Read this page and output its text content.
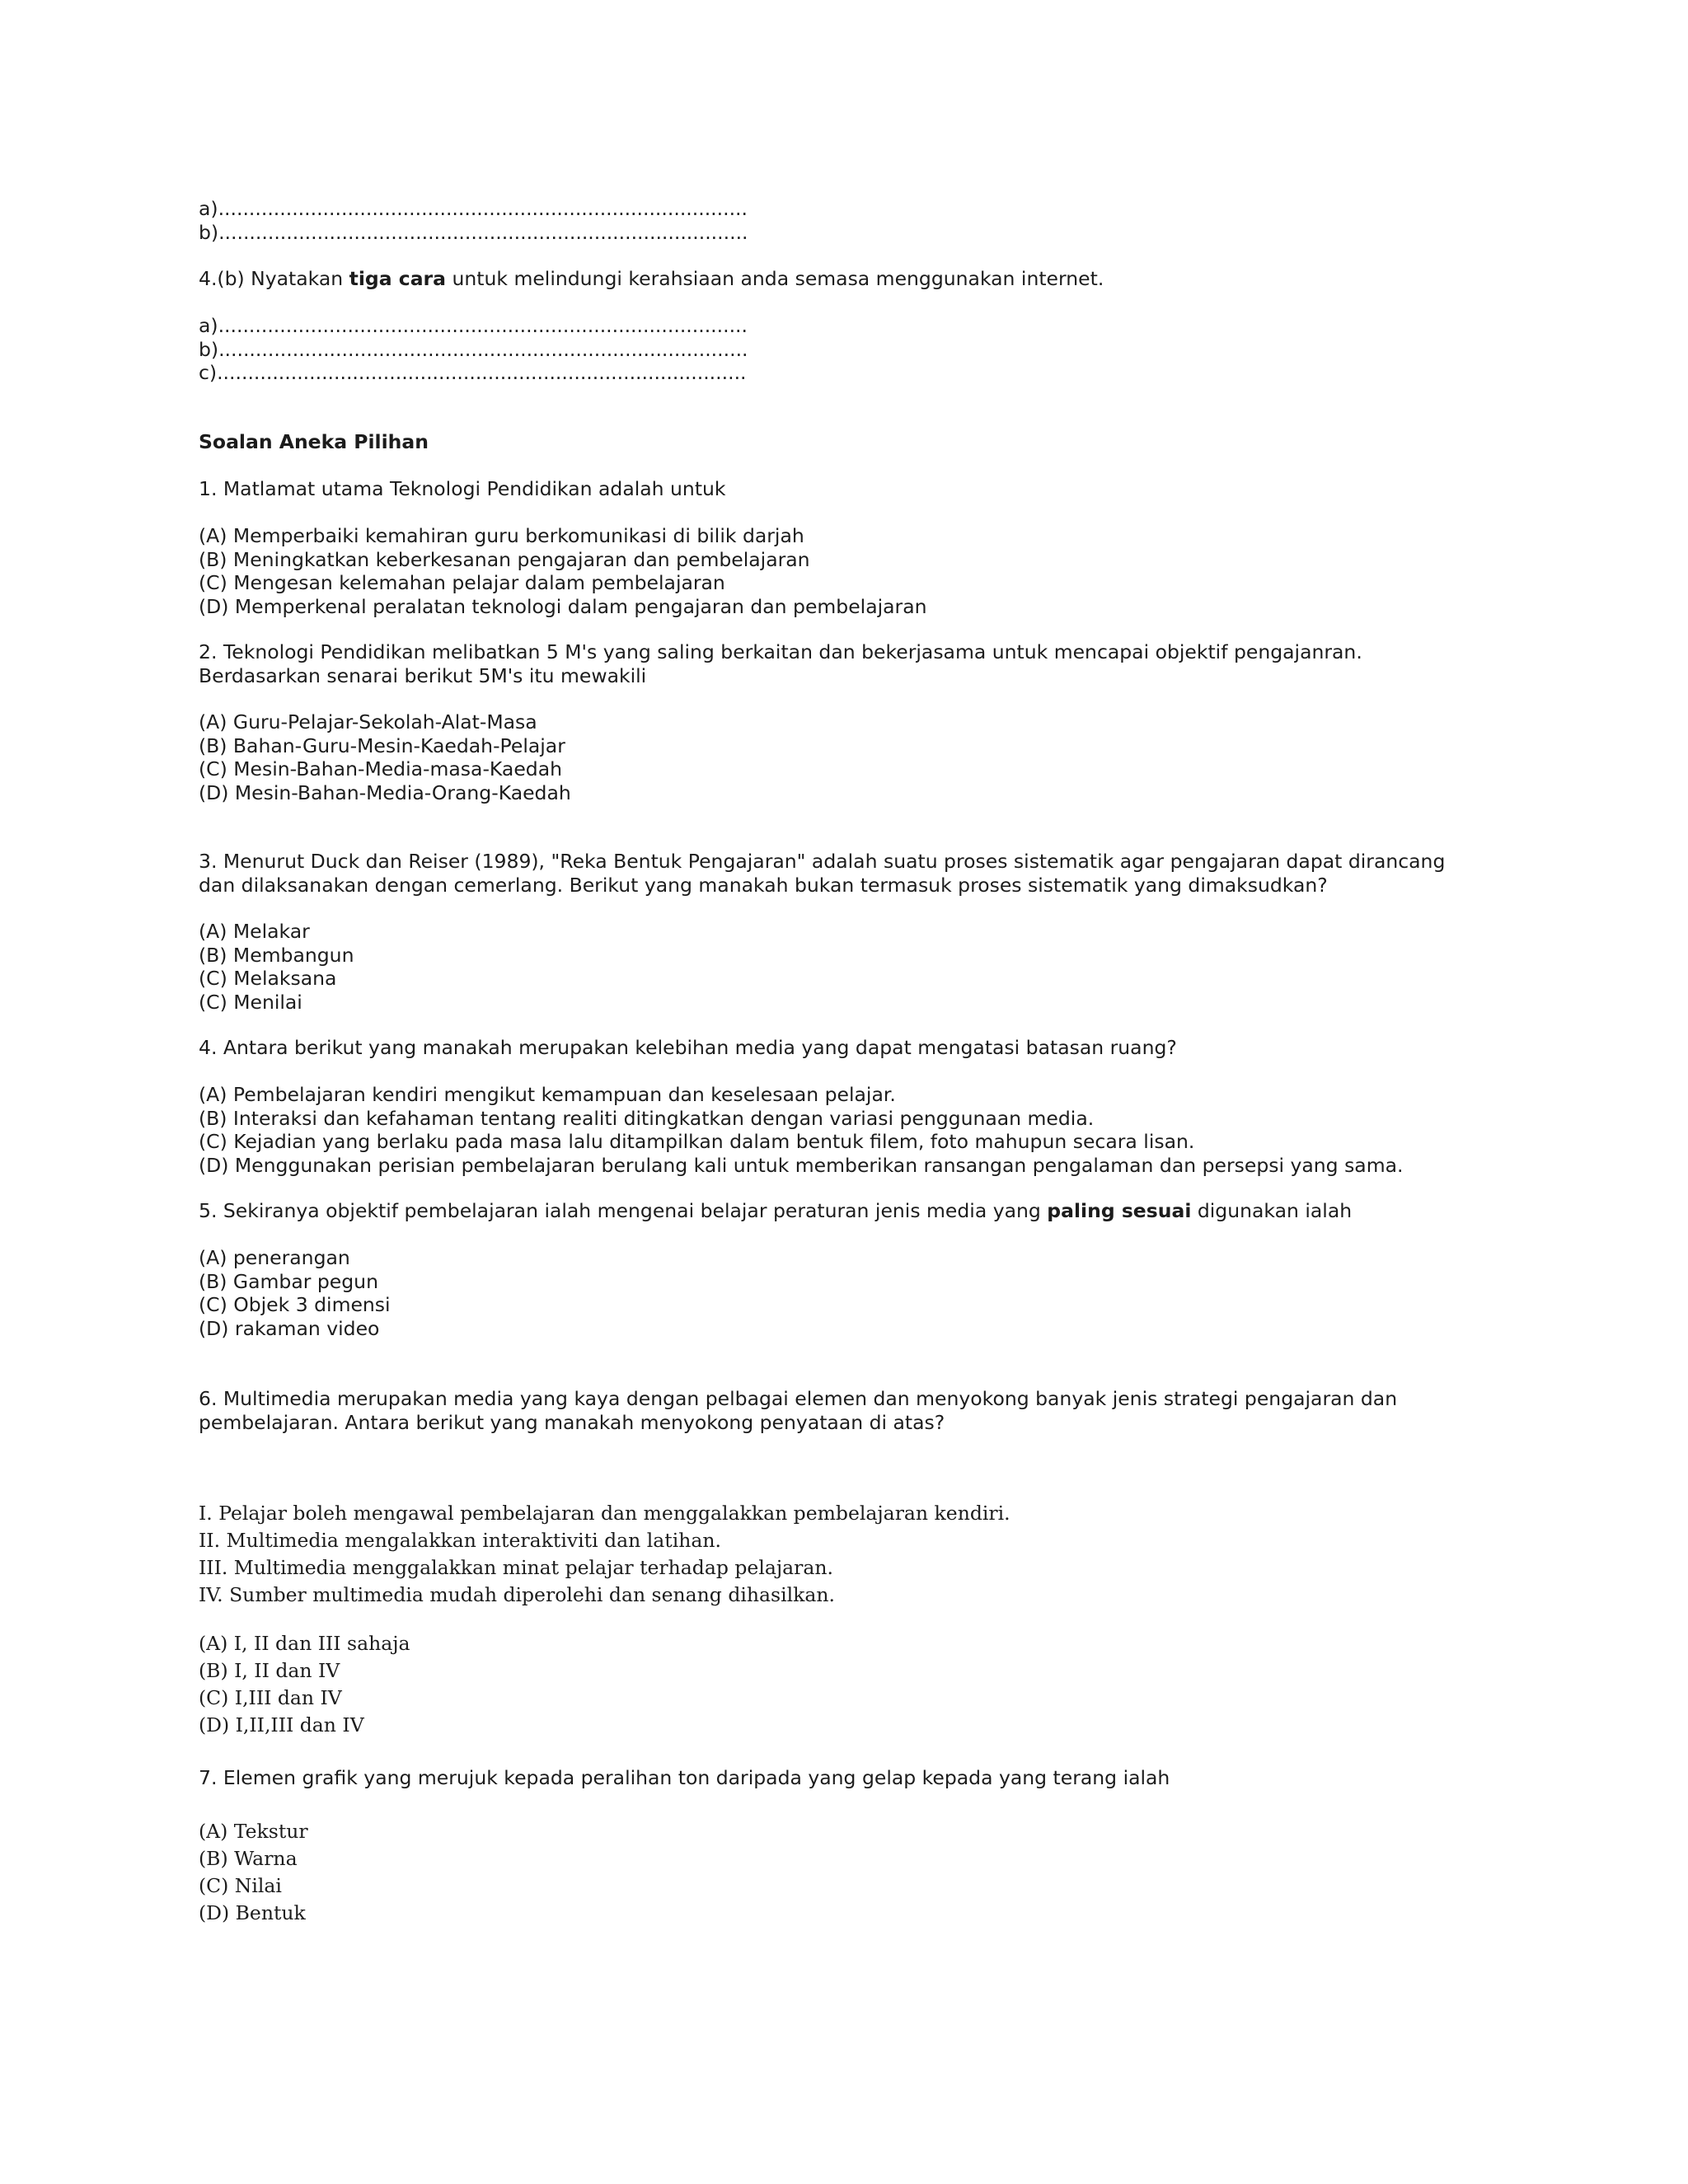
a)......................................................................................
b)......................................................................................
4.(b) Nyatakan tiga cara untuk melindungi kerahsiaan anda semasa menggunakan internet.
a)......................................................................................
b)......................................................................................
c)......................................................................................
Soalan Aneka Pilihan
1. Matlamat utama Teknologi Pendidikan adalah untuk
(A) Memperbaiki kemahiran guru berkomunikasi di bilik darjah
(B) Meningkatkan keberkesanan pengajaran dan pembelajaran
(C) Mengesan kelemahan pelajar dalam pembelajaran
(D) Memperkenal peralatan teknologi dalam pengajaran dan pembelajaran
2. Teknologi Pendidikan melibatkan 5 M's yang saling berkaitan dan bekerjasama untuk mencapai objektif pengajanran.
Berdasarkan senarai berikut 5M's itu mewakili
(A) Guru-Pelajar-Sekolah-Alat-Masa
(B) Bahan-Guru-Mesin-Kaedah-Pelajar
(C) Mesin-Bahan-Media-masa-Kaedah
(D) Mesin-Bahan-Media-Orang-Kaedah
3. Menurut Duck dan Reiser (1989), "Reka Bentuk Pengajaran" adalah suatu proses sistematik agar pengajaran dapat dirancang
dan dilaksanakan dengan cemerlang. Berikut yang manakah bukan termasuk proses sistematik yang dimaksudkan?
(A) Melakar
(B) Membangun
(C) Melaksana
(C) Menilai
4. Antara berikut yang manakah merupakan kelebihan media yang dapat mengatasi batasan ruang?
(A) Pembelajaran kendiri mengikut kemampuan dan keselesaan pelajar.
(B) Interaksi dan kefahaman tentang realiti ditingkatkan dengan variasi penggunaan media.
(C) Kejadian yang berlaku pada masa lalu ditampilkan dalam bentuk filem, foto mahupun secara lisan.
(D) Menggunakan perisian pembelajaran berulang kali untuk memberikan ransangan pengalaman dan persepsi yang sama.
5. Sekiranya objektif pembelajaran ialah mengenai belajar peraturan jenis media yang paling sesuai digunakan ialah
(A) penerangan
(B) Gambar pegun
(C) Objek 3 dimensi
(D) rakaman video
6. Multimedia merupakan media yang kaya dengan pelbagai elemen dan menyokong banyak jenis strategi pengajaran dan
pembelajaran. Antara berikut yang manakah menyokong penyataan di atas?
I. Pelajar boleh mengawal pembelajaran dan menggalakkan pembelajaran kendiri.
II. Multimedia mengalakkan interaktiviti dan latihan.
III. Multimedia menggalakkan minat pelajar terhadap pelajaran.
IV. Sumber multimedia mudah diperolehi dan senang dihasilkan.
(A) I, II dan III sahaja
(B) I, II dan IV
(C) I,III dan IV
(D) I,II,III dan IV
7. Elemen grafik yang merujuk kepada peralihan ton daripada yang gelap kepada yang terang ialah
(A) Tekstur
(B) Warna
(C) Nilai
(D) Bentuk
